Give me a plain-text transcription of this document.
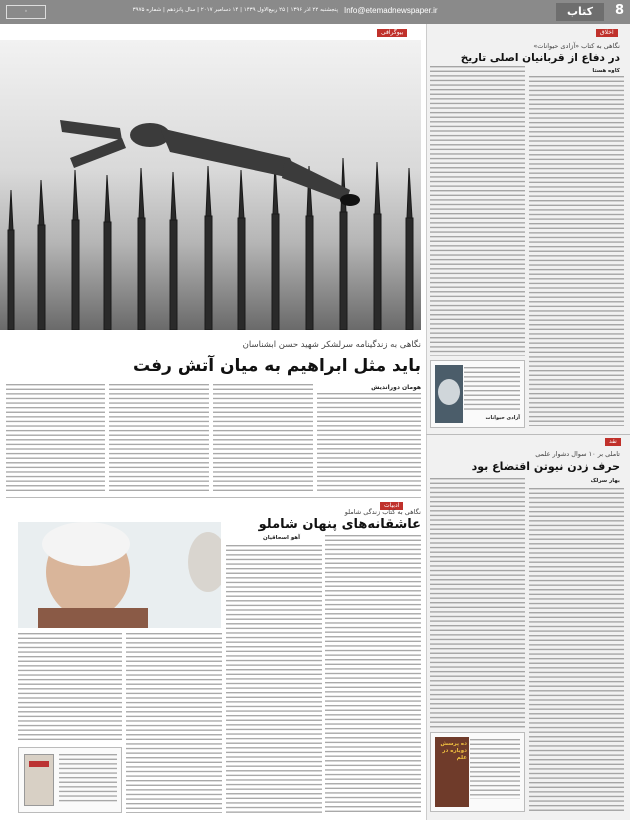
◦	پنجشنبه ۲۲ آذر ۱۳۹۶ | ۲۵ ربیع‌الاول ۱۴۳۹ | ۱۴ دسامبر ۲۰۱۷ | سال پانزدهم | شماره ۳۹۷۵ Info@etemadnewspaper.ir	کتاب	8
بیوگرافی
نگاهی به زندگینامه سرلشکر شهید حسن ابشناسان
باید مثل ابراهیم به میان آتش رفت
هومان دورانديش
ادبیات
نگاهی به کتاب زندگی شاملو
عاشقانه‌های پنهان شاملو
آهو اسحاقيان
اخلاق
نگاهی به کتاب «آزادی حیوانات»
در دفاع از قربانیان اصلی تاریخ
کاوه هستا
آزادی حیوانات
نقد
تاملی بر ۱۰ سوال دشوار علمی
حرف زدن نیوتن اقتضاع بود
بهار سرلک
ده پرسش دوباره در علم
